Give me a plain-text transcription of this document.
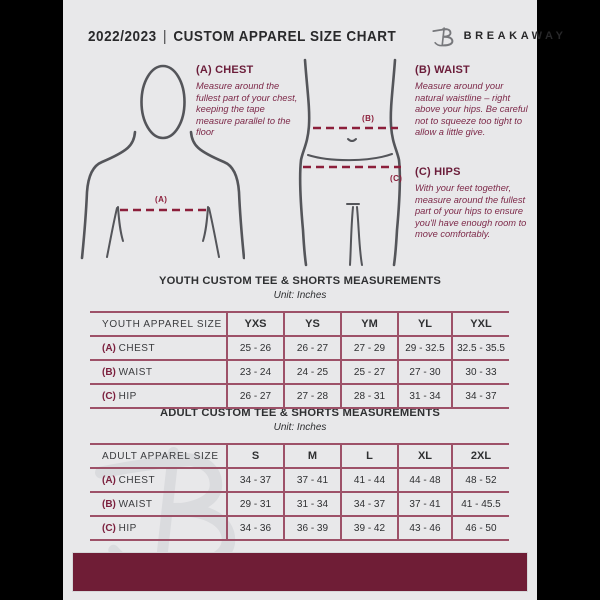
2022/2023 | CUSTOM APPAREL SIZE CHART	BREAKAWAY
(A)
(B)
(C)
(A) CHEST
Measure around the fullest part of your chest, keeping the tape measure parallel to the floor
(B) WAIST
Measure around your natural waistline – right above your hips. Be careful not to squeeze too tight to allow a little give.
(C) HIPS
With your feet together, measure around the fullest part of your hips to ensure you'll have enough room to move comfortably.
YOUTH CUSTOM TEE & SHORTS MEASUREMENTS
Unit: Inches
YOUTH APPAREL SIZE	YXS	YS	YM	YL	YXL
(A) CHEST	25 - 26	26 - 27	27 - 29	29 - 32.5	32.5 - 35.5
(B) WAIST	23 - 24	24 - 25	25 - 27	27 - 30	30 - 33
(C) HIP	26 - 27	27 - 28	28 - 31	31 - 34	34 - 37
ADULT CUSTOM TEE & SHORTS MEASUREMENTS
Unit: Inches
ADULT APPAREL SIZE	S	M	L	XL	2XL
(A) CHEST	34 - 37	37 - 41	41 - 44	44 - 48	48 - 52
(B) WAIST	29 - 31	31 - 34	34 - 37	37 - 41	41 - 45.5
(C) HIP	34 - 36	36 - 39	39 - 42	43 - 46	46 - 50
